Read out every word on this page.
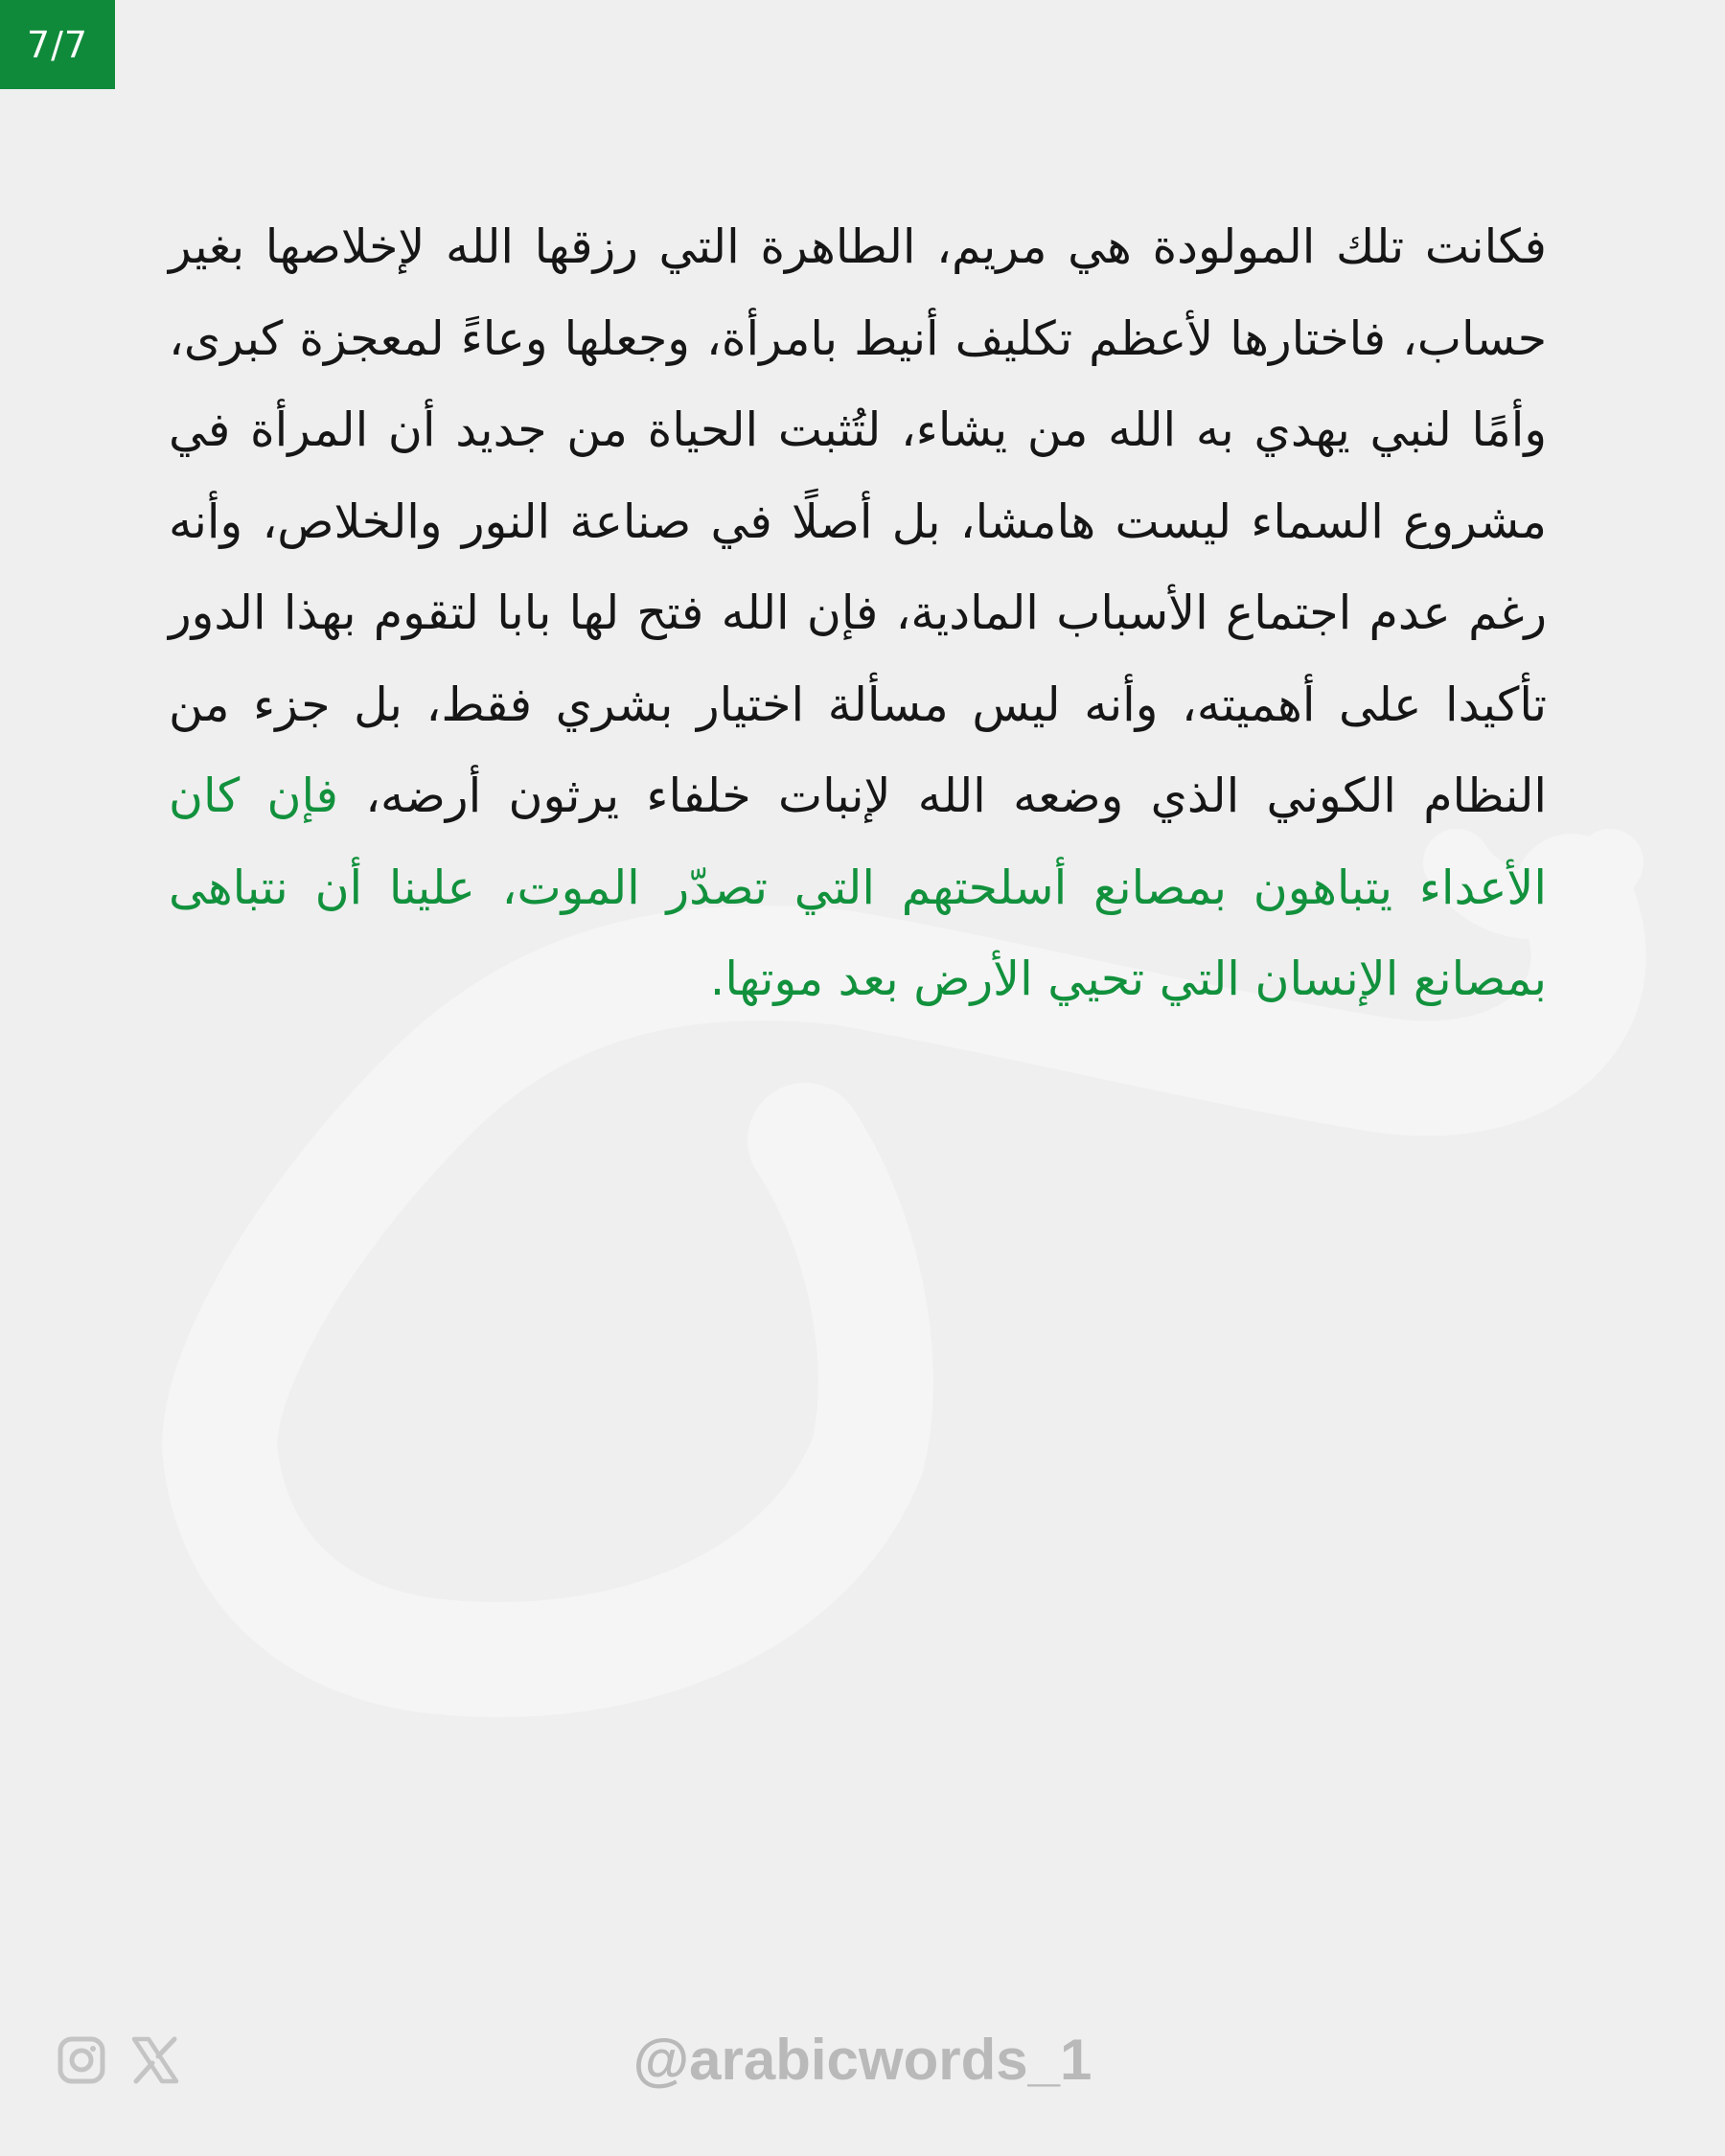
7/7

فكانت تلك المولودة هي مريم، الطاهرة التي رزقها الله لإخلاصها بغير حساب، فاختارها لأعظم تكليف أنيط بامرأة، وجعلها وعاءً لمعجزة كبرى، وأمًا لنبي يهدي به الله من يشاء، لتُثبت الحياة من جديد أن المرأة في مشروع السماء ليست هامشا، بل أصلًا في صناعة النور والخلاص، وأنه رغم عدم اجتماع الأسباب المادية، فإن الله فتح لها بابا لتقوم بهذا الدور تأكيدا على أهميته، وأنه ليس مسألة اختيار بشري فقط، بل جزء من النظام الكوني الذي وضعه الله لإنبات خلفاء يرثون أرضه، فإن كان الأعداء يتباهون بمصانع أسلحتهم التي تصدّر الموت، علينا أن نتباهى بمصانع الإنسان التي تحيي الأرض بعد موتها.

@arabicwords_1
